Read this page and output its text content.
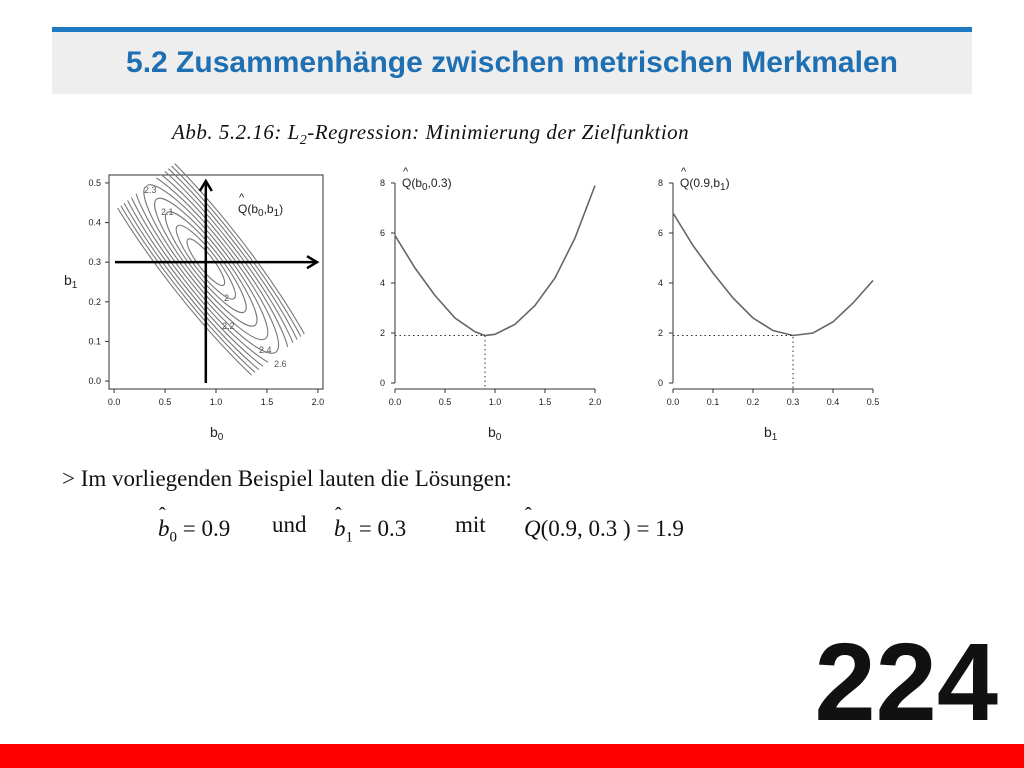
5.2 Zusammenhänge zwischen metrischen Merkmalen
Abb. 5.2.16: $L_2$-Regression: Minimierung der Zielfunktion
0.0	0.5	1.0	1.5	2.0
0.0
0.1
0.2
0.3
0.4
0.5
2.3
2.1
2
2.2
2.4
2.6
$b_0$
$b_1$
$Q(b_0,b_1)$
^
0.0	0.5	1.0	1.5	2.0
0
2
4
6
8
$b_0$
$Q(b_0,0.3)$
^
0.0	0.1	0.2	0.3	0.4	0.5
0
2
4
6
8
$b_1$
$Q(0.9,b_1)$
^
> Im vorliegenden Beispiel lauten die Lösungen:
ˆ $b_0 = 0.9$ und ˆ $b_1 = 0.3$ mit ˆ Q(0.9, 0.3 ) = 1.9
224
